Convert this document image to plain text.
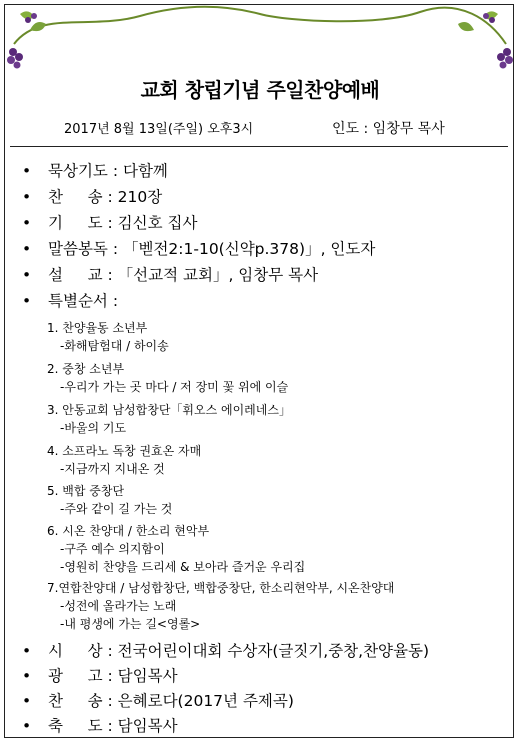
교회 창립기념 주일찬양예배
2017년 8월 13일(주일) 오후3시	인도 : 임창무 목사
• 묵상기도 : 다함께
• 찬     송 : 210장
• 기     도 : 김신호 집사
• 말씀봉독 : 「벧전2:1-10(신약p.378)」, 인도자
• 설     교 : 「선교적 교회」, 임창무 목사
• 특별순서 :
1. 찬양율동 소년부
-화해탐험대 / 하이송
2. 중창 소년부
-우리가 가는 곳 마다 / 저 장미 꽃 위에 이슬
3. 안동교회 남성합창단「휘오스 에이레네스」
-바울의 기도
4. 소프라노 독창 권효온 자매
-지금까지 지내온 것
5. 백합 중창단
-주와 같이 길 가는 것
6. 시온 찬양대 / 한소리 현악부
-구주 예수 의지함이
-영원히 찬양을 드리세 & 보아라 즐거운 우리집
7.연합찬양대 / 남성합창단, 백합중창단, 한소리현악부, 시온찬양대
-성전에 올라가는 노래
-내 평생에 가는 길<영롤>
• 시     상 : 전국어린이대회 수상자(글짓기,중창,찬양율동)
• 광     고 : 담임목사
• 찬     송 : 은혜로다(2017년 주제곡)
• 축     도 : 담임목사
